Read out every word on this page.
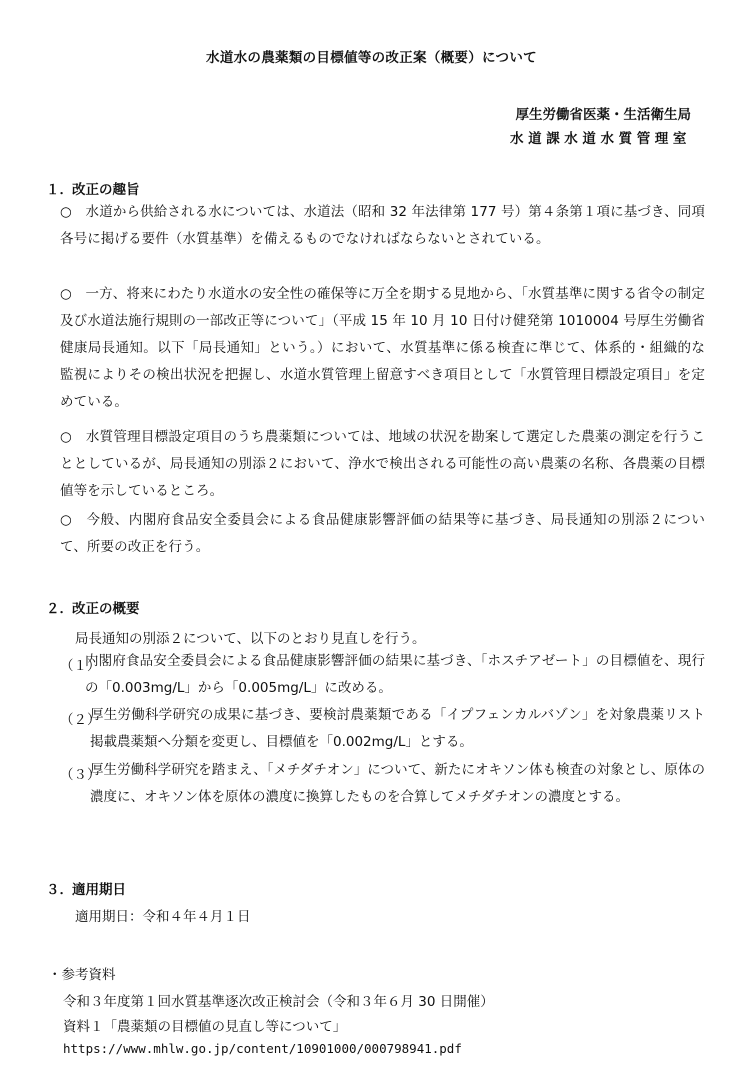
水道水の農薬類の目標値等の改正案（概要）について
厚生労働省医薬・生活衛生局
水道課水道水質管理室
１．改正の趣旨

○　水道から供給される水については、水道法（昭和 32 年法律第 177 号）第４条第１項に基づき、同項各号に掲げる要件（水質基準）を備えるものでなければならないとされている。

○　一方、将来にわたり水道水の安全性の確保等に万全を期する見地から、「水質基準に関する省令の制定及び水道法施行規則の一部改正等について」（平成 15 年 10 月 10 日付け健発第 1010004 号厚生労働省健康局長通知。以下「局長通知」という。）において、水質基準に係る検査に準じて、体系的・組織的な監視によりその検出状況を把握し、水道水質管理上留意すべき項目として「水質管理目標設定項目」を定めている。

○　水質管理目標設定項目のうち農薬類については、地域の状況を勘案して選定した農薬の測定を行うこととしているが、局長通知の別添２において、浄水で検出される可能性の高い農薬の名称、各農薬の目標値等を示しているところ。

○　今般、内閣府食品安全委員会による食品健康影響評価の結果等に基づき、局長通知の別添２について、所要の改正を行う。

２．改正の概要
局長通知の別添２について、以下のとおり見直しを行う。
（１）

内閣府食品安全委員会による食品健康影響評価の結果に基づき、「ホスチアゼート」の目標値を、現行の「0.003mg/L」から「0.005mg/L」に改める。

（２）

厚生労働科学研究の成果に基づき、要検討農薬類である「イプフェンカルバゾン」を対象農薬リスト掲載農薬類へ分類を変更し、目標値を「0.002mg/L」とする。

（３）

厚生労働科学研究を踏まえ、「メチダチオン」について、新たにオキソン体も検査の対象とし、原体の濃度に、オキソン体を原体の濃度に換算したものを合算してメチダチオンの濃度とする。

３．適用期日
適用期日：令和４年４月１日
・参考資料
令和３年度第１回水質基準逐次改正検討会（令和３年６月 30 日開催）
資料１「農薬類の目標値の見直し等について」
https://www.mhlw.go.jp/content/10901000/000798941.pdf
